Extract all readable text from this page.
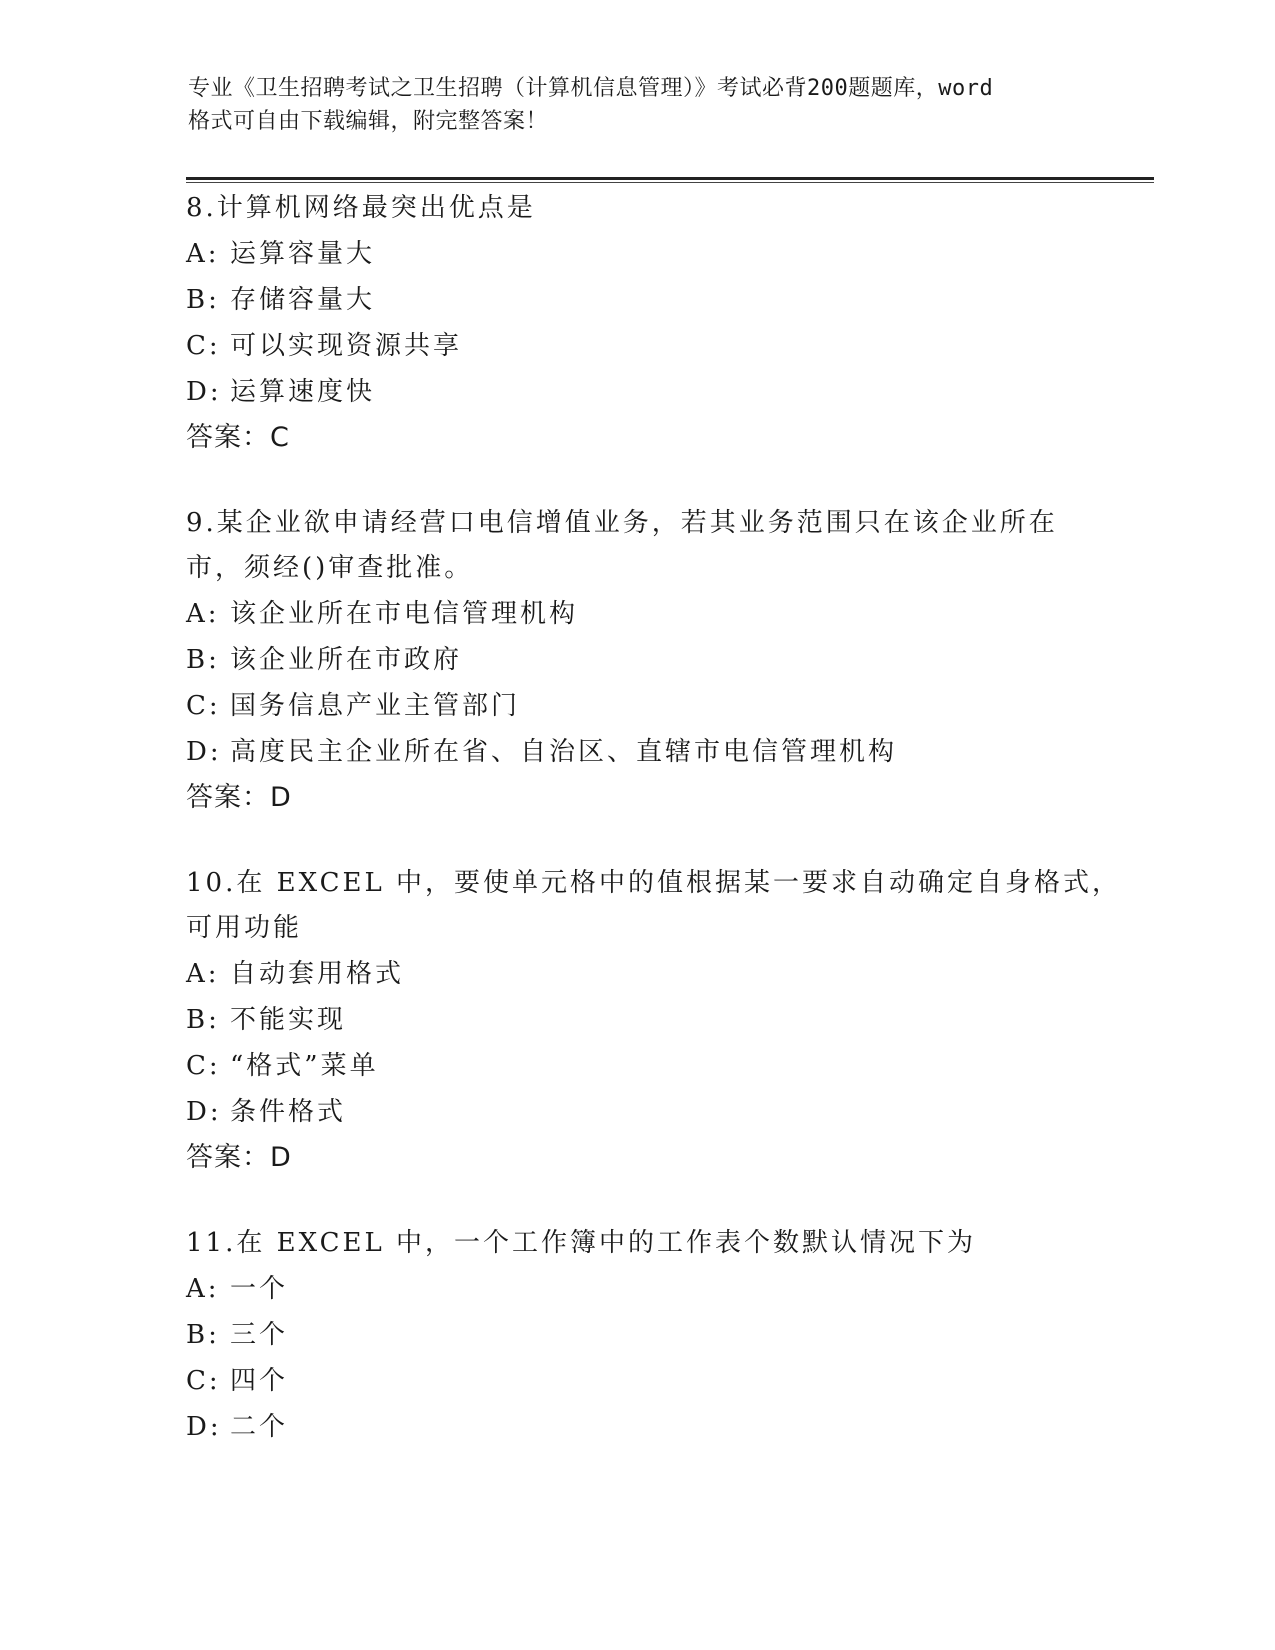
专业《卫生招聘考试之卫生招聘（计算机信息管理）》考试必背200题题库，word
格式可自由下载编辑，附完整答案！
8.计算机网络最突出优点是
A: 运算容量大
B: 存储容量大
C: 可以实现资源共享
D: 运算速度快
答案：C
9.某企业欲申请经营口电信增值业务，若其业务范围只在该企业所在
市，须经()审查批准。
A: 该企业所在市电信管理机构
B: 该企业所在市政府
C: 国务信息产业主管部门
D: 高度民主企业所在省、自治区、直辖市电信管理机构
答案：D
10.在 EXCEL 中，要使单元格中的值根据某一要求自动确定自身格式，
可用功能
A: 自动套用格式
B: 不能实现
C: “格式”菜单
D: 条件格式
答案：D
11.在 EXCEL 中，一个工作簿中的工作表个数默认情况下为
A: 一个
B: 三个
C: 四个
D: 二个
